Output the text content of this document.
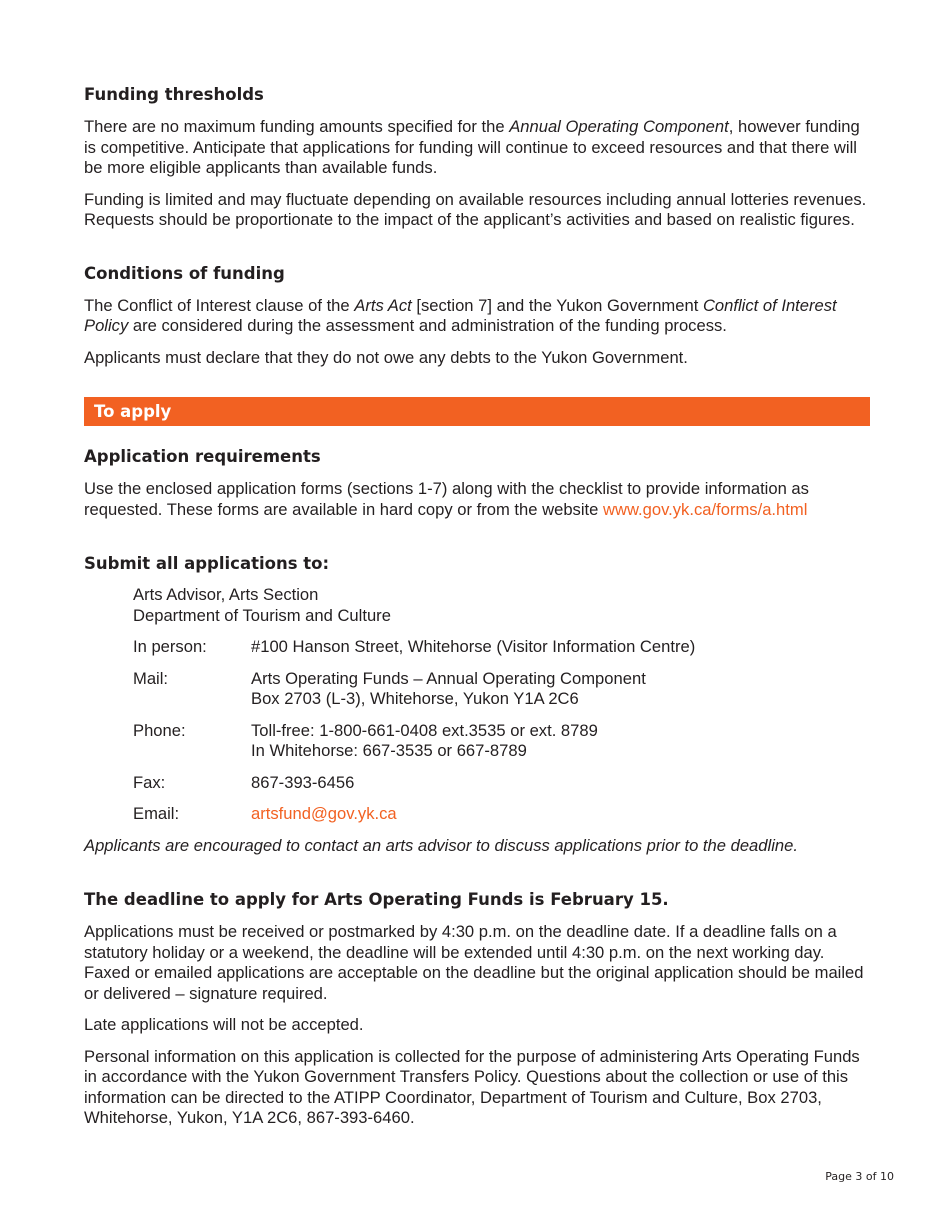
Funding thresholds

There are no maximum funding amounts specified for the Annual Operating Component, however funding is competitive. Anticipate that applications for funding will continue to exceed resources and that there will be more eligible applicants than available funds.

Funding is limited and may fluctuate depending on available resources including annual lotteries revenues. Requests should be proportionate to the impact of the applicant’s activities and based on realistic figures.

Conditions of funding

The Conflict of Interest clause of the Arts Act [section 7] and the Yukon Government Conflict of Interest Policy are considered during the assessment and administration of the funding process.

Applicants must declare that they do not owe any debts to the Yukon Government.

To apply
Application requirements

Use the enclosed application forms (sections 1-7) along with the checklist to provide information as requested. These forms are available in hard copy or from the website www.gov.yk.ca/forms/a.html

Submit all applications to:

Arts Advisor, Arts Section

Department of Tourism and Culture

In person:	#100 Hanson Street, Whitehorse (Visitor Information Centre)
Mail:	Arts Operating Funds – Annual Operating Component
Box 2703 (L-3), Whitehorse, Yukon Y1A 2C6
Phone:	Toll-free: 1-800-661-0408 ext.3535 or ext. 8789
In Whitehorse: 667-3535 or 667-8789
Fax:	867-393-6456
Email:	artsfund@gov.yk.ca

Applicants are encouraged to contact an arts advisor to discuss applications prior to the deadline.

The deadline to apply for Arts Operating Funds is February 15.

Applications must be received or postmarked by 4:30 p.m. on the deadline date. If a deadline falls on a statutory holiday or a weekend, the deadline will be extended until 4:30 p.m. on the next working day. Faxed or emailed applications are acceptable on the deadline but the original application should be mailed or delivered – signature required.

Late applications will not be accepted.

Personal information on this application is collected for the purpose of administering Arts Operating Funds in accordance with the Yukon Government Transfers Policy. Questions about the collection or use of this information can be directed to the ATIPP Coordinator, Department of Tourism and Culture, Box 2703, Whitehorse, Yukon, Y1A 2C6, 867-393-6460.

Page 3 of 10
